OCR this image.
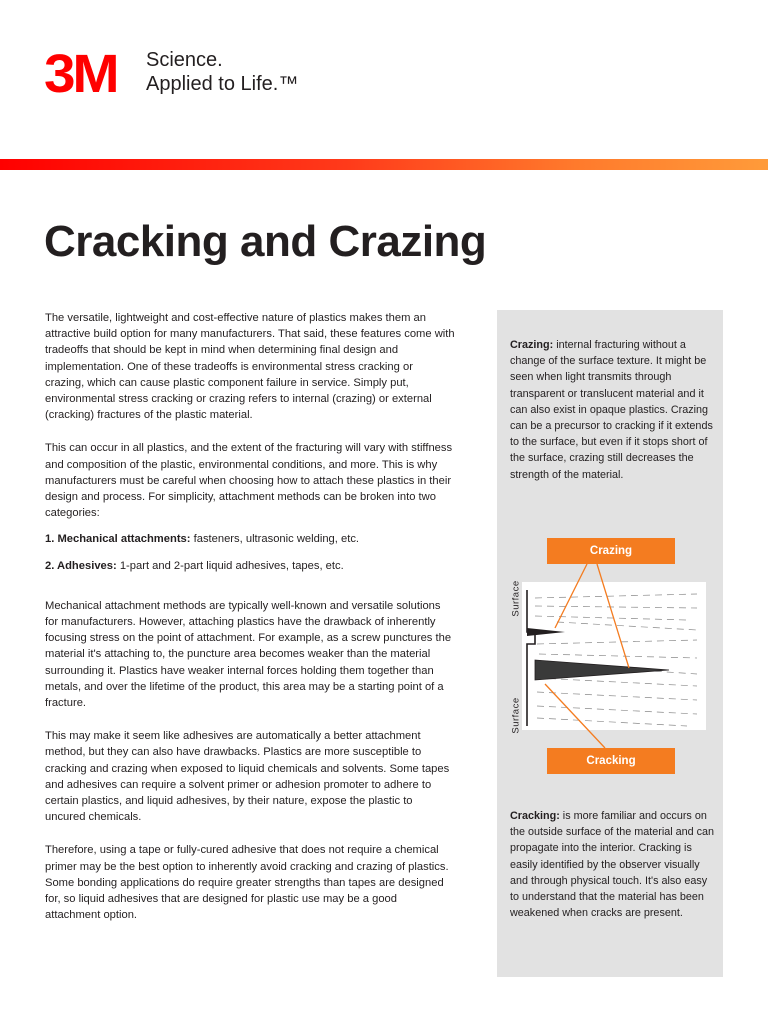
3M Science.
Applied to Life.™
Cracking and Crazing

The versatile, lightweight and cost-effective nature of plastics makes them an attractive build option for many manufacturers. That said, these features come with tradeoffs that should be kept in mind when determining final design and implementation. One of these tradeoffs is environmental stress cracking or crazing, which can cause plastic component failure in service. Simply put, environmental stress cracking or crazing refers to internal (crazing) or external (cracking) fractures of the plastic material.

This can occur in all plastics, and the extent of the fracturing will vary with stiffness and composition of the plastic, environmental conditions, and more. This is why manufacturers must be careful when choosing how to attach these plastics in their design and process. For simplicity, attachment methods can be broken into two categories:

1. Mechanical attachments: fasteners, ultrasonic welding, etc.

2. Adhesives: 1-part and 2-part liquid adhesives, tapes, etc.

Mechanical attachment methods are typically well-known and versatile solutions for manufacturers. However, attaching plastics have the drawback of inherently focusing stress on the point of attachment. For example, as a screw punctures the material it's attaching to, the puncture area becomes weaker than the material surrounding it. Plastics have weaker internal forces holding them together than metals, and over the lifetime of the product, this area may be a starting point of a fracture.

This may make it seem like adhesives are automatically a better attachment method, but they can also have drawbacks. Plastics are more susceptible to cracking and crazing when exposed to liquid chemicals and solvents. Some tapes and adhesives can require a solvent primer or adhesion promoter to adhere to certain plastics, and liquid adhesives, by their nature, expose the plastic to uncured chemicals.

Therefore, using a tape or fully-cured adhesive that does not require a chemical primer may be the best option to inherently avoid cracking and crazing of plastics. Some bonding applications do require greater strengths than tapes are designed for, so liquid adhesives that are designed for plastic use may be a good attachment option.

Crazing: internal fracturing without a change of the surface texture. It might be seen when light transmits through transparent or translucent material and it can also exist in opaque plastics. Crazing can be a precursor to cracking if it extends to the surface, but even if it stops short of the surface, crazing still decreases the strength of the material.
Crazing
Cracking
Surface
Surface
Cracking: is more familiar and occurs on the outside surface of the material and can propagate into the interior. Cracking is easily identified by the observer visually and through physical touch. It's also easy to understand that the material has been weakened when cracks are present.
